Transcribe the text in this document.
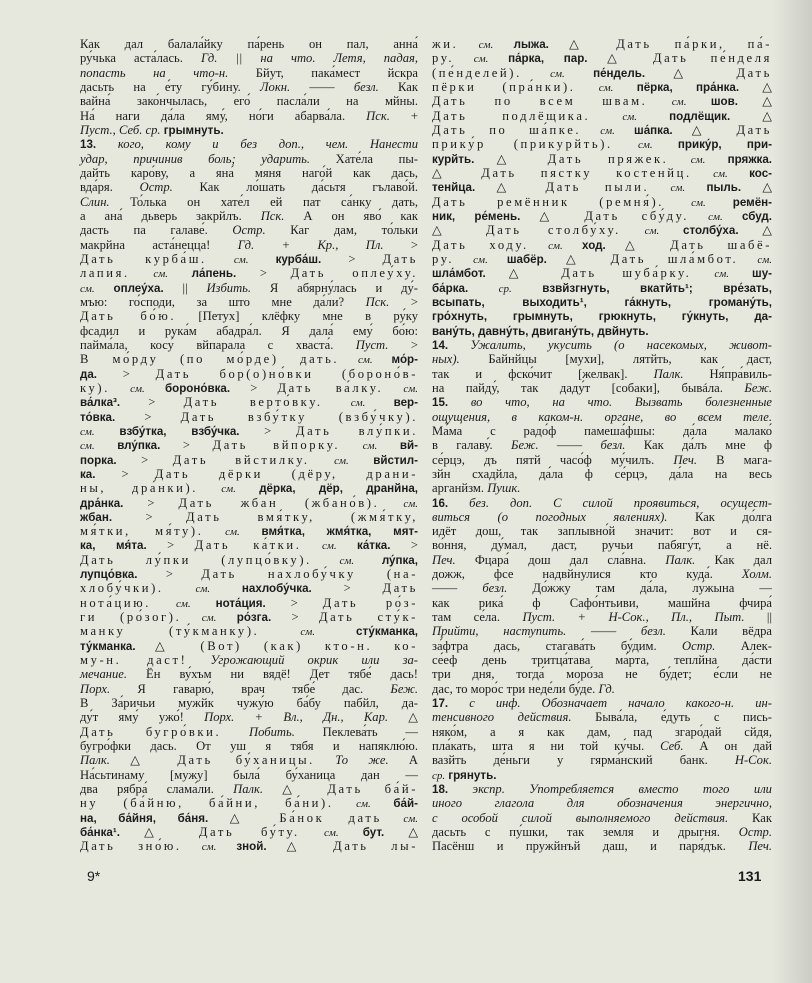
Как дал балала́йку па́рень он пал, анна́
ру́чька аста́лась. Гд. || на что. Летя, падая,
попасть на что-н. Бйут, пака́мест йскра
дасьть на е́ту гу́бину. Локн. —— безл. Как
вайна́ зако́нчылась, его́ пасла́ли на мйны.
На́ наги да́ла яму́, но́ги абарва́ла. Пск. +
Пуст., Себ. ср. грымнуть.
13. кого, кому и без доп., чем. Нанести
удар, причинив боль; ударить. Хате́ла пы-
дайть каро́ву, а яна́ мяня наго́й как дась,
вда́ря. Остр. Как ло́шать да́сьтя гълаво́й.
Слин. То́лька он хате́л ей пат са́нку дать,
а ана́ дьверь закрйлъ. Пск. А он яво́ как
дасть па галаве́. Остр. Каг дам, то́льки
макрйна аста́нецца! Гд. + Кр., Пл. >
Дать курба́ш. см. курба́ш. > Дать
лапия. см. ла́пень. > Дать оплеу́ху.
см. оплеу́ха. || Избить. Я абярну́лась и ду́-
мъю: го́споди, за што мне да́ли? Пск. >
Дать бо́ю. [Петух] клёфку мне в ру́ку
фсадил и рука́м абадра́л. Я дала́ ему́ бо́ю:
пайма́ла, косу́ вйпарала с хваста́. Пуст. >
В мо́рду (по мо́рде) дать. см. мо́р-
да. > Дать бор(о)но́вки (бороно́в-
ку). см. бороно́вка. > Дать ва́лку. см.
ва́лка³. > Дать верто́вку.	см. вер-
то́вка. > Дать взбу́тку (взбу́чку).
см. взбу́тка, взбу́чка. > Дать влу́пки.
см. влу́пка. > Дать вйпорку. см. вй-
порка. > Дать вйстилку. см. вйстил-
ка. > Дать дёрки (дёру, драни-
ны, дра́нки). см. дёрка, дёр, дранйна,
дра́нка. > Дать жбан (жбано́в). см.
жбан. > Дать вмя́тку, (жмя́тку,
мя́тки, мя́ту). см. вмя́тка, жмя́тка, мят-
ка, мя́та. > Дать ка́тки. см. ка́тка. >
Дать лу́пки (лупцо́вку).	см. лу́пка,
лупцо́вка. > Дать нахлобу́чку (на-
хлобу́чки).	см.	нахлобу́чка. > Дать
нота́цию. см. нота́ция. > Дать ро́з-
ги (ро́зог). см. ро́зга. > Дать сту́к-
манку (ту́кманку).	см.	сту́кманка,
ту́кманка. △ (Вот) (как) кто-н. ко-
му-н. даст! Угрожающий окрик или за-
мечание. Ён ву́хъм ни вядё! Дет тябе́ дась!
Порх. Я гаварю́, врач тябе́ дас. Беж.
В За́ричьи мужйк чужу́ю ба́бу пабйл, да-
ду́т яму́ ужо́! Порх. + Вл., Дн., Кар. △
Дать бугро́вки. Побить. Пеклева́ть —
бугро́фки дась. От уш я тябя и напяклю́ю.
Палк. △ Дать бу́ханицы. То же. А
На́сьтинаму [мужу] была́ бу́ханица дан —
два рябра́ слама́ли. Палк. △ Дать ба́й-
ну (ба́йню, ба́йни, ба́ни). см. ба́й-
на, ба́йня, ба́ня. △ Ба́нок дать см.
ба́нка¹. △ Дать бу́ту. см. бут. △
Дать зно́ю. см. зной. △ Дать лы-
жи. см. лыжа. △ Дать па́рки, па́-
ру. см. па́рка, пар. △ Дать пе́нделя
(пе́нделей).	см. пе́ндель. △ Дать
пёрки (пра́нки). см. пёрка, пра́нка. △
Дать по всем швам. см. шов. △
Дать подлёщика.	см.	подлёщик. △
Дать по ша́пке. см. ша́пка. △ Дать
прику́р (прикурйть). см. прику́р, при-
курйть. △ Дать пряжек. см. пряжка.
△ Дать пястку костенйц. см. кос-
тенйца. △ Дать пыли. см. пыль. △
Дать ремённик (ремня́). см. ремён-
ник, ре́мень. △ Дать сбу́ду. см. сбуд.
△ Дать столбу́ху. см. столбу́ха. △
Дать ходу. см. ход. △ Дать шабё-
ру. см. шабёр. △ Дать шла́мбот. см.
шла́мбот. △ Дать шуба́рку. см. шу-
ба́рка.	ср.	взвйзгнуть, вкатйть¹; вре́зать,
всыпать, выходить¹, га́кнуть, громану́ть,
гро́хнуть, грымнуть, грюкнуть, гу́кнуть, да-
вану́ть, давну́ть, двигану́ть, двйнуть.
14. Ужалить, укусить (о насекомых, живот-
ных). Байнйцы [мухи], лятйть, как даст,
так и фско́чит [желвак]. Палк. Ня́пра́виль-
на пайду́, так даду́т [собаки], бывáла. Беж.
15. во что, на что. Вызвать болезненные
ощущения, в каком-н. органе, во всем теле.
Ма́ма с радо́ф памеша́фшы: да́ла малако́
в галаву́. Беж. —— безл. Как да́лъ мне ф
се́рцэ, дъ пятй часо́ф му́чилъ. Печ. В мага-
зйн схадйла, да́ла ф се́рцэ, да́ла на весь
арганйзм. Пушк.
16. без. доп. С силой проявиться, осущест-
виться (о погодных явлениях). Как до́лга
идёт дош, так заплывно́й значит: вот и ся-
во́ння, ду́мал, даст, ручьи пабягу́т, а нё.
Печ. Фцара́ дош дал сла́вна. Палк. Как дал
дожж, фсе надвйнулися кто куда́. Холм.
—— безл. До́жжу там да́ла, лу́жына —
как рика́ ф Сафо́нтьиви, машйна фчира́
там се́ла. Пуст. + Н-Сок., Пл., Пыт. ||
Прийти, наступить. —— безл. Кали вёдра
за́фтра дась, стагава́ть бу́дим. Остр. Алек-
се́еф день тритца́тава ма́рта, теплйна да́сти
три дня, тогда́ моро́за не бу́дет; е́сли не
дас, то моро́с три неде́ли бу́де. Гд.
17. с инф. Обозначает начало какого-н. ин-
тенсивного действия. Быва́ла, е́дуть с пись-
няко́м, а я как дам, пад згаро́дай сйдя,
пла́кать, шта я ни той ку́чы. Себ. А он дай
вазйть де́ньги у гярма́нский банк. Н-Сок.
ср. грянуть.
18. экспр. Употребляется вместо того или
иного глагола для обозначения энергично,
с особой силой выполняемого действия. Как
дасьть с пу́шки, так земля и дрыгня. Остр.
Пасёнш и пружйнъй даш, и паря́дък. Печ.
9*	131
